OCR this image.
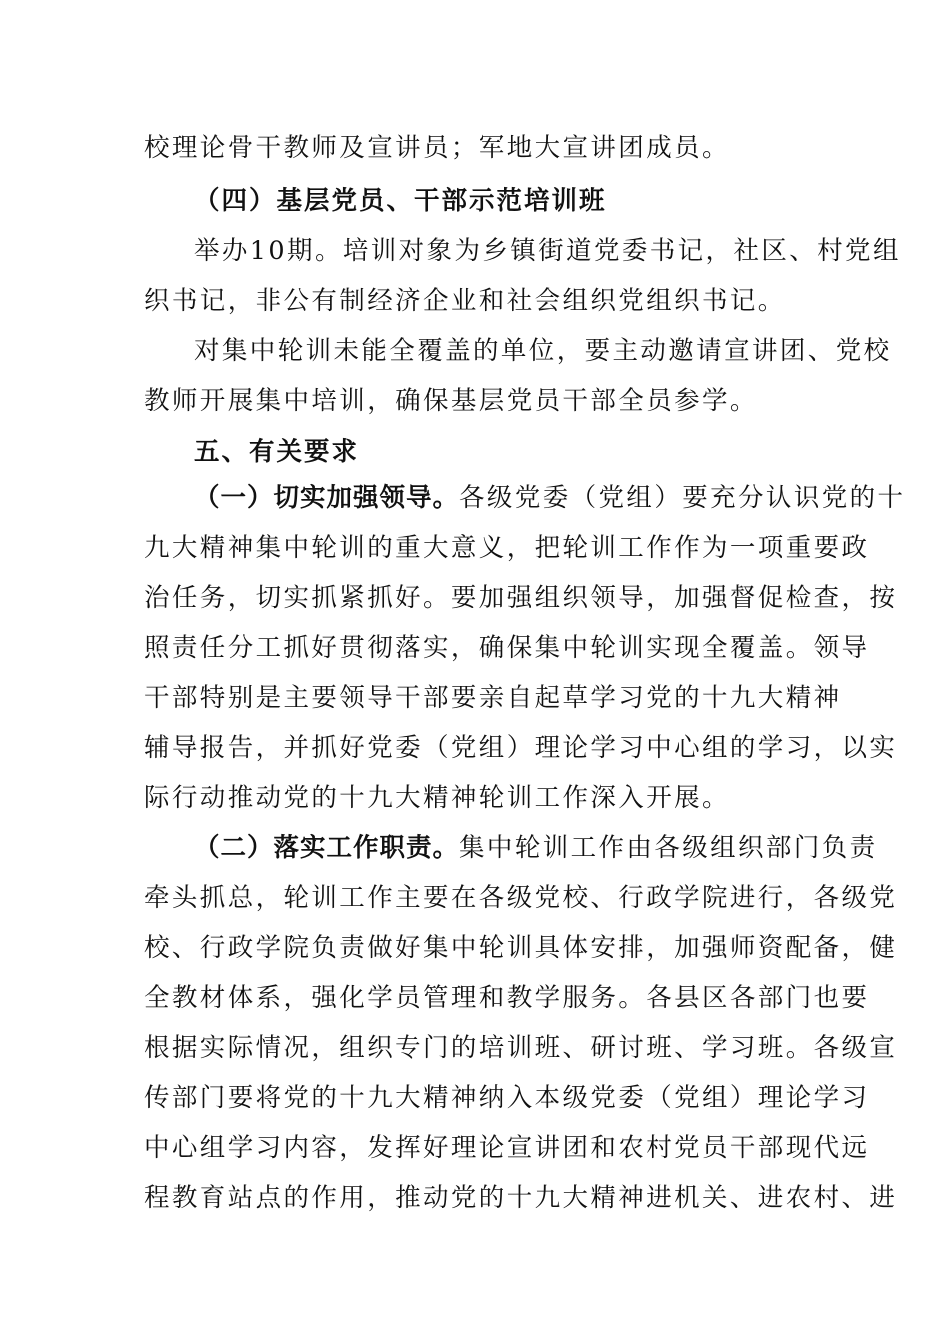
校理论骨干教师及宣讲员；军地大宣讲团成员。
（四）基层党员、干部示范培训班
举办10期。培训对象为乡镇街道党委书记，社区、村党组
织书记，非公有制经济企业和社会组织党组织书记。
对集中轮训未能全覆盖的单位，要主动邀请宣讲团、党校
教师开展集中培训，确保基层党员干部全员参学。
五、有关要求
（一）切实加强领导。各级党委（党组）要充分认识党的十
九大精神集中轮训的重大意义，把轮训工作作为一项重要政
治任务，切实抓紧抓好。要加强组织领导，加强督促检查，按
照责任分工抓好贯彻落实，确保集中轮训实现全覆盖。领导
干部特别是主要领导干部要亲自起草学习党的十九大精神
辅导报告，并抓好党委（党组）理论学习中心组的学习，以实
际行动推动党的十九大精神轮训工作深入开展。
（二）落实工作职责。集中轮训工作由各级组织部门负责
牵头抓总，轮训工作主要在各级党校、行政学院进行，各级党
校、行政学院负责做好集中轮训具体安排，加强师资配备，健
全教材体系，强化学员管理和教学服务。各县区各部门也要
根据实际情况，组织专门的培训班、研讨班、学习班。各级宣
传部门要将党的十九大精神纳入本级党委（党组）理论学习
中心组学习内容，发挥好理论宣讲团和农村党员干部现代远
程教育站点的作用，推动党的十九大精神进机关、进农村、进
